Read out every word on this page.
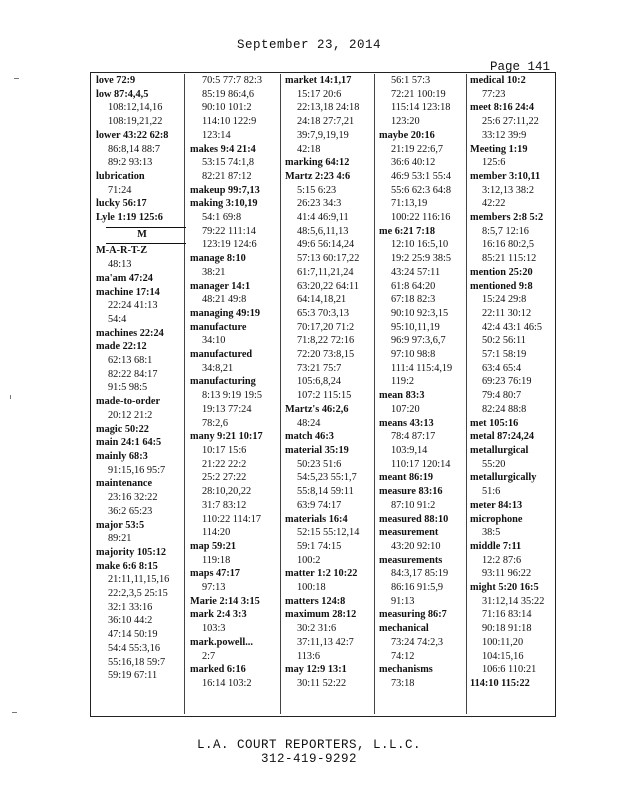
September 23, 2014
Page 141
love 72:9
low 87:4,4,5
108:12,14,16
108:19,21,22
lower 43:22 62:8
86:8,14 88:7
89:2 93:13
lubrication
71:24
lucky 56:17
Lyle 1:19 125:6
M
M-A-R-T-Z
48:13
ma'am 47:24
machine 17:14
22:24 41:13
54:4
machines 22:24
made 22:12
62:13 68:1
82:22 84:17
91:5 98:5
made-to-order
20:12 21:2
magic 50:22
main 24:1 64:5
mainly 68:3
91:15,16 95:7
maintenance
23:16 32:22
36:2 65:23
major 53:5
89:21
majority 105:12
make 6:6 8:15
21:11,11,15,16
22:2,3,5 25:15
32:1 33:16
36:10 44:2
47:14 50:19
54:4 55:3,16
55:16,18 59:7
59:19 67:11
70:5 77:7 82:3
85:19 86:4,6
90:10 101:2
114:10 122:9
123:14
makes 9:4 21:4
53:15 74:1,8
82:21 87:12
makeup 99:7,13
making 3:10,19
54:1 69:8
79:22 111:14
123:19 124:6
manage 8:10
38:21
manager 14:1
48:21 49:8
managing 49:19
manufacture
34:10
manufactured
34:8,21
manufacturing
8:13 9:19 19:5
19:13 77:24
78:2,6
many 9:21 10:17
10:17 15:6
21:22 22:2
25:2 27:22
28:10,20,22
31:7 83:12
110:22 114:17
114:20
map 59:21
119:18
maps 47:17
97:13
Marie 2:14 3:15
mark 2:4 3:3
103:3
mark.powell...
2:7
marked 6:16
16:14 103:2
market 14:1,17
15:17 20:6
22:13,18 24:18
24:18 27:7,21
39:7,9,19,19
42:18
marking 64:12
Martz 2:23 4:6
5:15 6:23
26:23 34:3
41:4 46:9,11
48:5,6,11,13
49:6 56:14,24
57:13 60:17,22
61:7,11,21,24
63:20,22 64:11
64:14,18,21
65:3 70:3,13
70:17,20 71:2
71:8,22 72:16
72:20 73:8,15
73:21 75:7
105:6,8,24
107:2 115:15
Martz's 46:2,6
48:24
match 46:3
material 35:19
50:23 51:6
54:5,23 55:1,7
55:8,14 59:11
63:9 74:17
materials 16:4
52:15 55:12,14
59:1 74:15
100:2
matter 1:2 10:22
100:18
matters 124:8
maximum 28:12
30:2 31:6
37:11,13 42:7
113:6
may 12:9 13:1
30:11 52:22
56:1 57:3
72:21 100:19
115:14 123:18
123:20
maybe 20:16
21:19 22:6,7
36:6 40:12
46:9 53:1 55:4
55:6 62:3 64:8
71:13,19
100:22 116:16
me 6:21 7:18
12:10 16:5,10
19:2 25:9 38:5
43:24 57:11
61:8 64:20
67:18 82:3
90:10 92:3,15
95:10,11,19
96:9 97:3,6,7
97:10 98:8
111:4 115:4,19
119:2
mean 83:3
107:20
means 43:13
78:4 87:17
103:9,14
110:17 120:14
meant 86:19
measure 83:16
87:10 91:2
measured 88:10
measurement
43:20 92:10
measurements
84:3,17 85:19
86:16 91:5,9
91:13
measuring 86:7
mechanical
73:24 74:2,3
74:12
mechanisms
73:18
medical 10:2
77:23
meet 8:16 24:4
25:6 27:11,22
33:12 39:9
Meeting 1:19
125:6
member 3:10,11
3:12,13 38:2
42:22
members 2:8 5:2
8:5,7 12:16
16:16 80:2,5
85:21 115:12
mention 25:20
mentioned 9:8
15:24 29:8
22:11 30:12
42:4 43:1 46:5
50:2 56:11
57:1 58:19
63:4 65:4
69:23 76:19
79:4 80:7
82:24 88:8
met 105:16
metal 87:24,24
metallurgical
55:20
metallurgically
51:6
meter 84:13
microphone
38:5
middle 7:11
12:2 87:6
93:11 96:22
might 5:20 16:5
31:12,14 35:22
71:16 83:14
90:18 91:18
100:11,20
104:15,16
106:6 110:21
114:10 115:22
L.A. COURT REPORTERS, L.L.C.
312-419-9292
